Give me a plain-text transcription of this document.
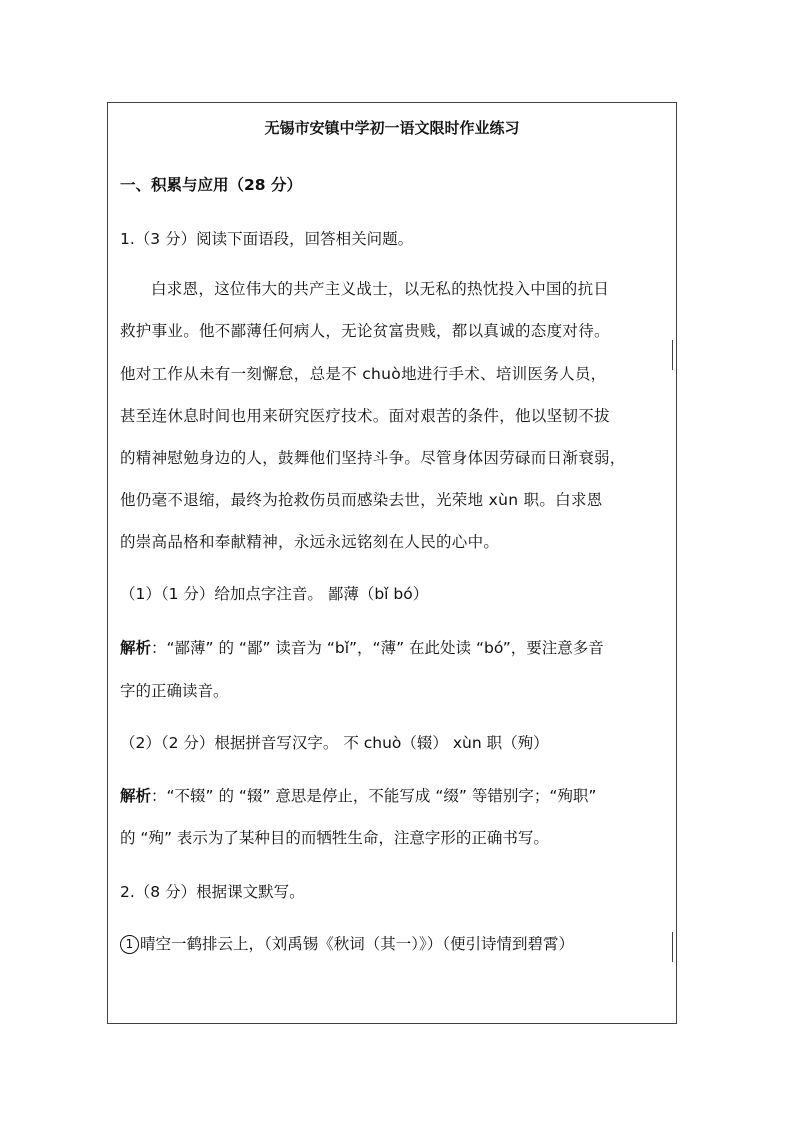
无锡市安镇中学初一语文限时作业练习
一、积累与应用（28 分）
1.（3 分）阅读下面语段，回答相关问题。
白求恩，这位伟大的共产主义战士，以无私的热忱投入中国的抗日
救护事业。他不鄙薄任何病人，无论贫富贵贱，都以真诚的态度对待。
他对工作从未有一刻懈怠，总是不 chuò地进行手术、培训医务人员，
甚至连休息时间也用来研究医疗技术。面对艰苦的条件，他以坚韧不拔
的精神慰勉身边的人，鼓舞他们坚持斗争。尽管身体因劳碌而日渐衰弱，
他仍毫不退缩，最终为抢救伤员而感染去世，光荣地 xùn 职。白求恩
的崇高品格和奉献精神，永远永远铭刻在人民的心中。
（1）（1 分）给加点字注音。 鄙薄（bǐ bó）
解析：“鄙薄” 的 “鄙” 读音为 “bǐ”，“薄” 在此处读 “bó”，要注意多音
字的正确读音。
（2）（2 分）根据拼音写汉字。 不 chuò（辍） xùn 职（殉）
解析：“不辍” 的 “辍” 意思是停止，不能写成 “缀” 等错别字；“殉职”
的 “殉” 表示为了某种目的而牺牲生命，注意字形的正确书写。
2.（8 分）根据课文默写。
1 晴空一鹤排云上，（刘禹锡《秋词（其一）》）（便引诗情到碧霄）
